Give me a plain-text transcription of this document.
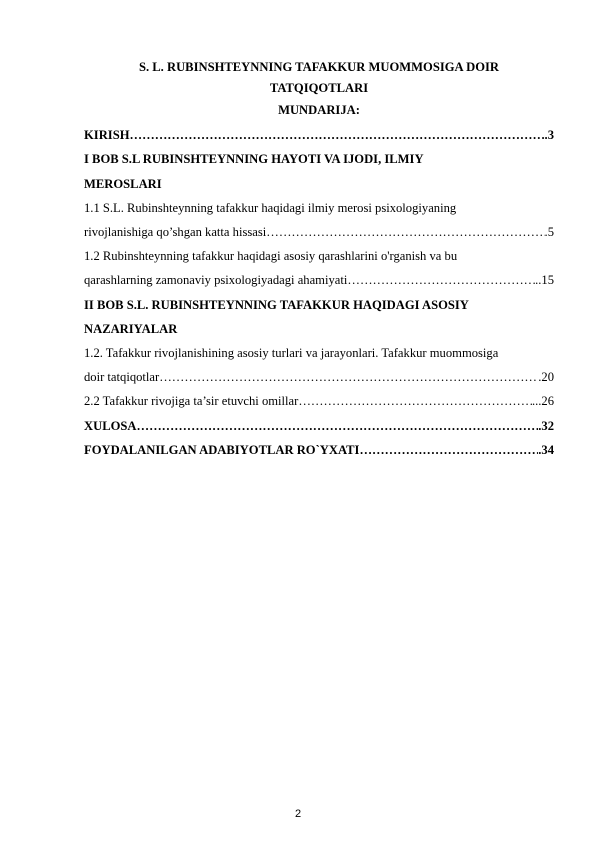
S. L. RUBINSHTEYNNING TAFAKKUR MUOMMOSIGA DOIR
TATQIQOTLARI
MUNDARIJA:
KIRISH ……………………………………………………………………………………………………………………………………………………………………	.3
I BOB S.L RUBINSHTEYNNING HAYOTI VA IJODI, ILMIY
MEROSLARI
1.1 S.L. Rubinshteynning tafakkur haqidagi ilmiy merosi psixologiyaning
rivojlanishiga qo’shgan katta hissasi ……………………………………………………………………………………………………………………………………………………………………	.5
1.2 Rubinshteynning tafakkur haqidagi asosiy qarashlarini o'rganish va bu
qarashlarning zamonaviy psixologiyadagi ahamiyati ……………………………………………………………………………………………………………………………………………………………………	..15
II BOB S.L. RUBINSHTEYNNING TAFAKKUR HAQIDAGI ASOSIY
NAZARIYALAR
1.2. Tafakkur rivojlanishining asosiy turlari va jarayonlari. Tafakkur muommosiga
doir tatqiqotlar ……………………………………………………………………………………………………………………………………………………………………	.20
2.2 Tafakkur rivojiga ta’sir etuvchi omillar ……………………………………………………………………………………………………………………………………………………………………	...26
XULOSA ……………………………………………………………………………………………………………………………………………………………………	.32
FOYDALANILGAN ADABIYOTLAR RO`YXATI ……………………………………………………………………………………………………………………………………………………………………	.34
2
